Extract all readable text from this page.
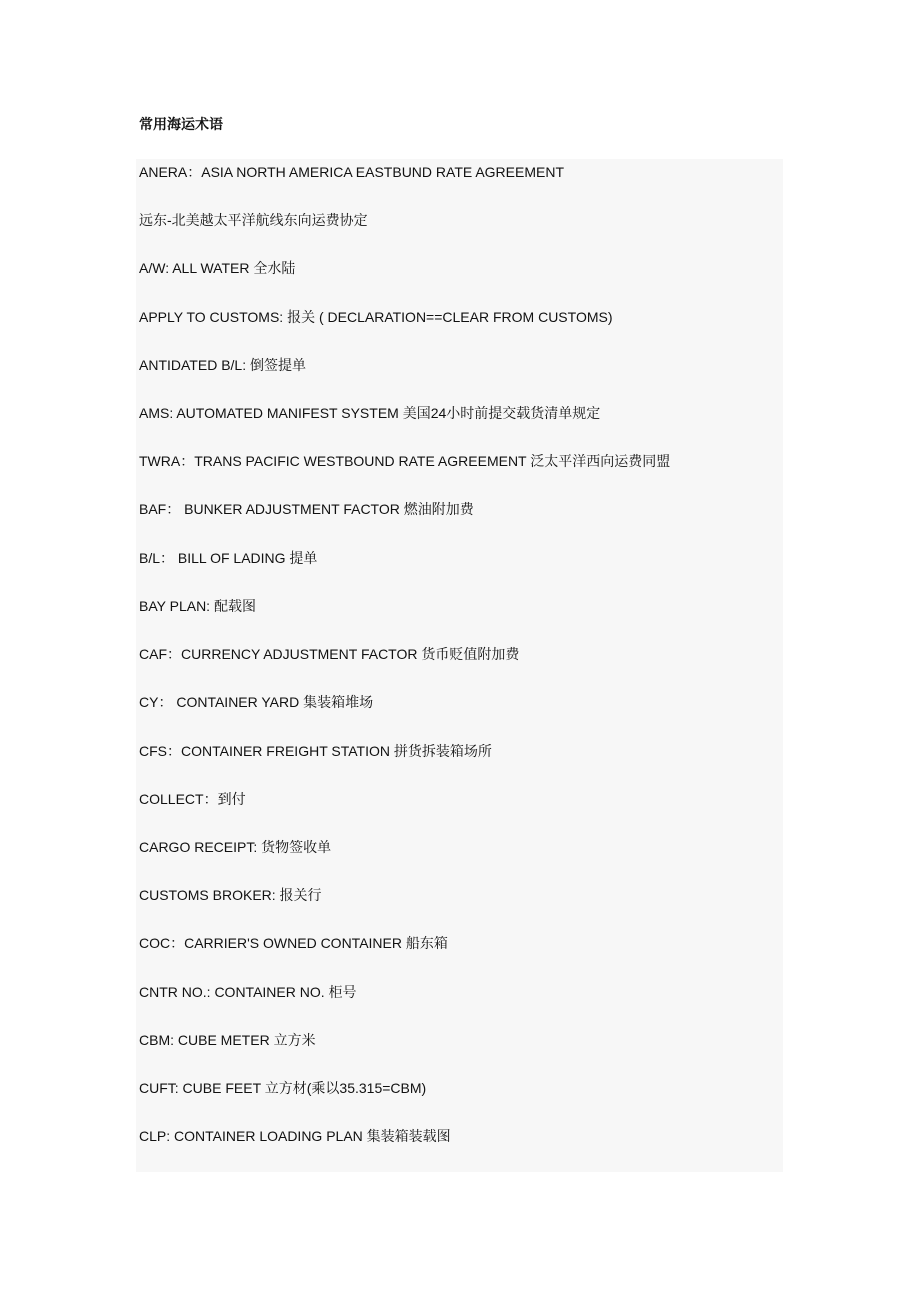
常用海运术语
ANERA：ASIA NORTH AMERICA EASTBUND RATE AGREEMENT
远东-北美越太平洋航线东向运费协定
A/W: ALL WATER 全水陆
APPLY TO CUSTOMS: 报关 ( DECLARATION==CLEAR FROM CUSTOMS)
ANTIDATED B/L: 倒签提单
AMS: AUTOMATED MANIFEST SYSTEM 美国24小时前提交载货清单规定
TWRA：TRANS PACIFIC WESTBOUND RATE AGREEMENT 泛太平洋西向运费同盟
BAF： BUNKER ADJUSTMENT FACTOR 燃油附加费
B/L： BILL OF LADING 提单
BAY PLAN: 配载图
CAF：CURRENCY ADJUSTMENT FACTOR 货币贬值附加费
CY： CONTAINER YARD 集装箱堆场
CFS：CONTAINER FREIGHT STATION 拼货拆装箱场所
COLLECT：到付
CARGO RECEIPT: 货物签收单
CUSTOMS BROKER: 报关行
COC：CARRIER'S OWNED CONTAINER 船东箱
CNTR NO.: CONTAINER NO. 柜号
CBM: CUBE METER 立方米
CUFT: CUBE FEET 立方材(乘以35.315=CBM)
CLP: CONTAINER LOADING PLAN 集装箱装载图
